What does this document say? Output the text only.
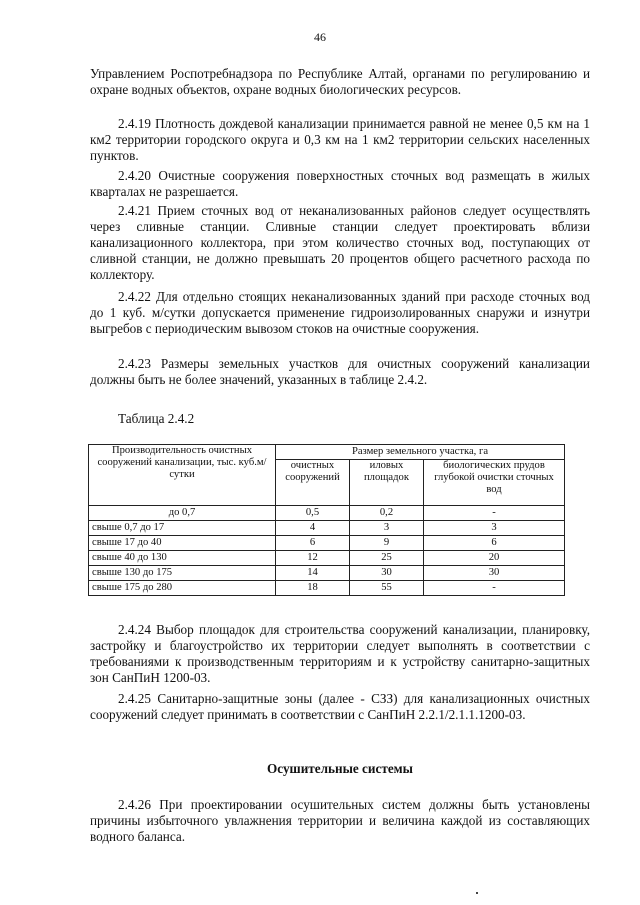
46

Управлением Роспотребнадзора по Республике Алтай, органами по регулированию и охране водных объектов, охране водных биологических ресурсов.

2.4.19 Плотность дождевой канализации принимается равной не менее 0,5 км на 1 км2 территории городского округа и 0,3 км на 1 км2 территории сельских населенных пунктов.

2.4.20 Очистные сооружения поверхностных сточных вод размещать в жилых кварталах не разрешается.

2.4.21 Прием сточных вод от неканализованных районов следует осуществлять через сливные станции. Сливные станции следует проектировать вблизи канализационного коллектора, при этом количество сточных вод, поступающих от сливной станции, не должно превышать 20 процентов общего расчетного расхода по коллектору.

2.4.22 Для отдельно стоящих неканализованных зданий при расходе сточных вод до 1 куб. м/сутки допускается применение гидроизолированных снаружи и изнутри выгребов с периодическим вывозом стоков на очистные сооружения.

2.4.23 Размеры земельных участков для очистных сооружений канализации должны быть не более значений, указанных в таблице 2.4.2.

Таблица 2.4.2
Производительность очистных сооружений канализации, тыс. куб.м/сутки	Размер земельного участка, га		
	очистных сооружений	иловых площадок	биологических прудов глубокой очистки сточных вод
до 0,7	0,5	0,2	-
свыше 0,7 до 17	4	3	3
свыше 17 до 40	6	9	6
свыше 40 до 130	12	25	20
свыше 130 до 175	14	30	30
свыше 175 до 280	18	55	-

2.4.24 Выбор площадок для строительства сооружений канализации, планировку, застройку и благоустройство их территории следует выполнять в соответствии с требованиями к производственным территориям и к устройству санитарно-защитных зон СанПиН 1200-03.

2.4.25 Санитарно-защитные зоны (далее - СЗЗ) для канализационных очистных сооружений следует принимать в соответствии с СанПиН 2.2.1/2.1.1.1200-03.

Осушительные системы

2.4.26 При проектировании осушительных систем должны быть установлены причины избыточного увлажнения территории и величина каждой из составляющих водного баланса.
